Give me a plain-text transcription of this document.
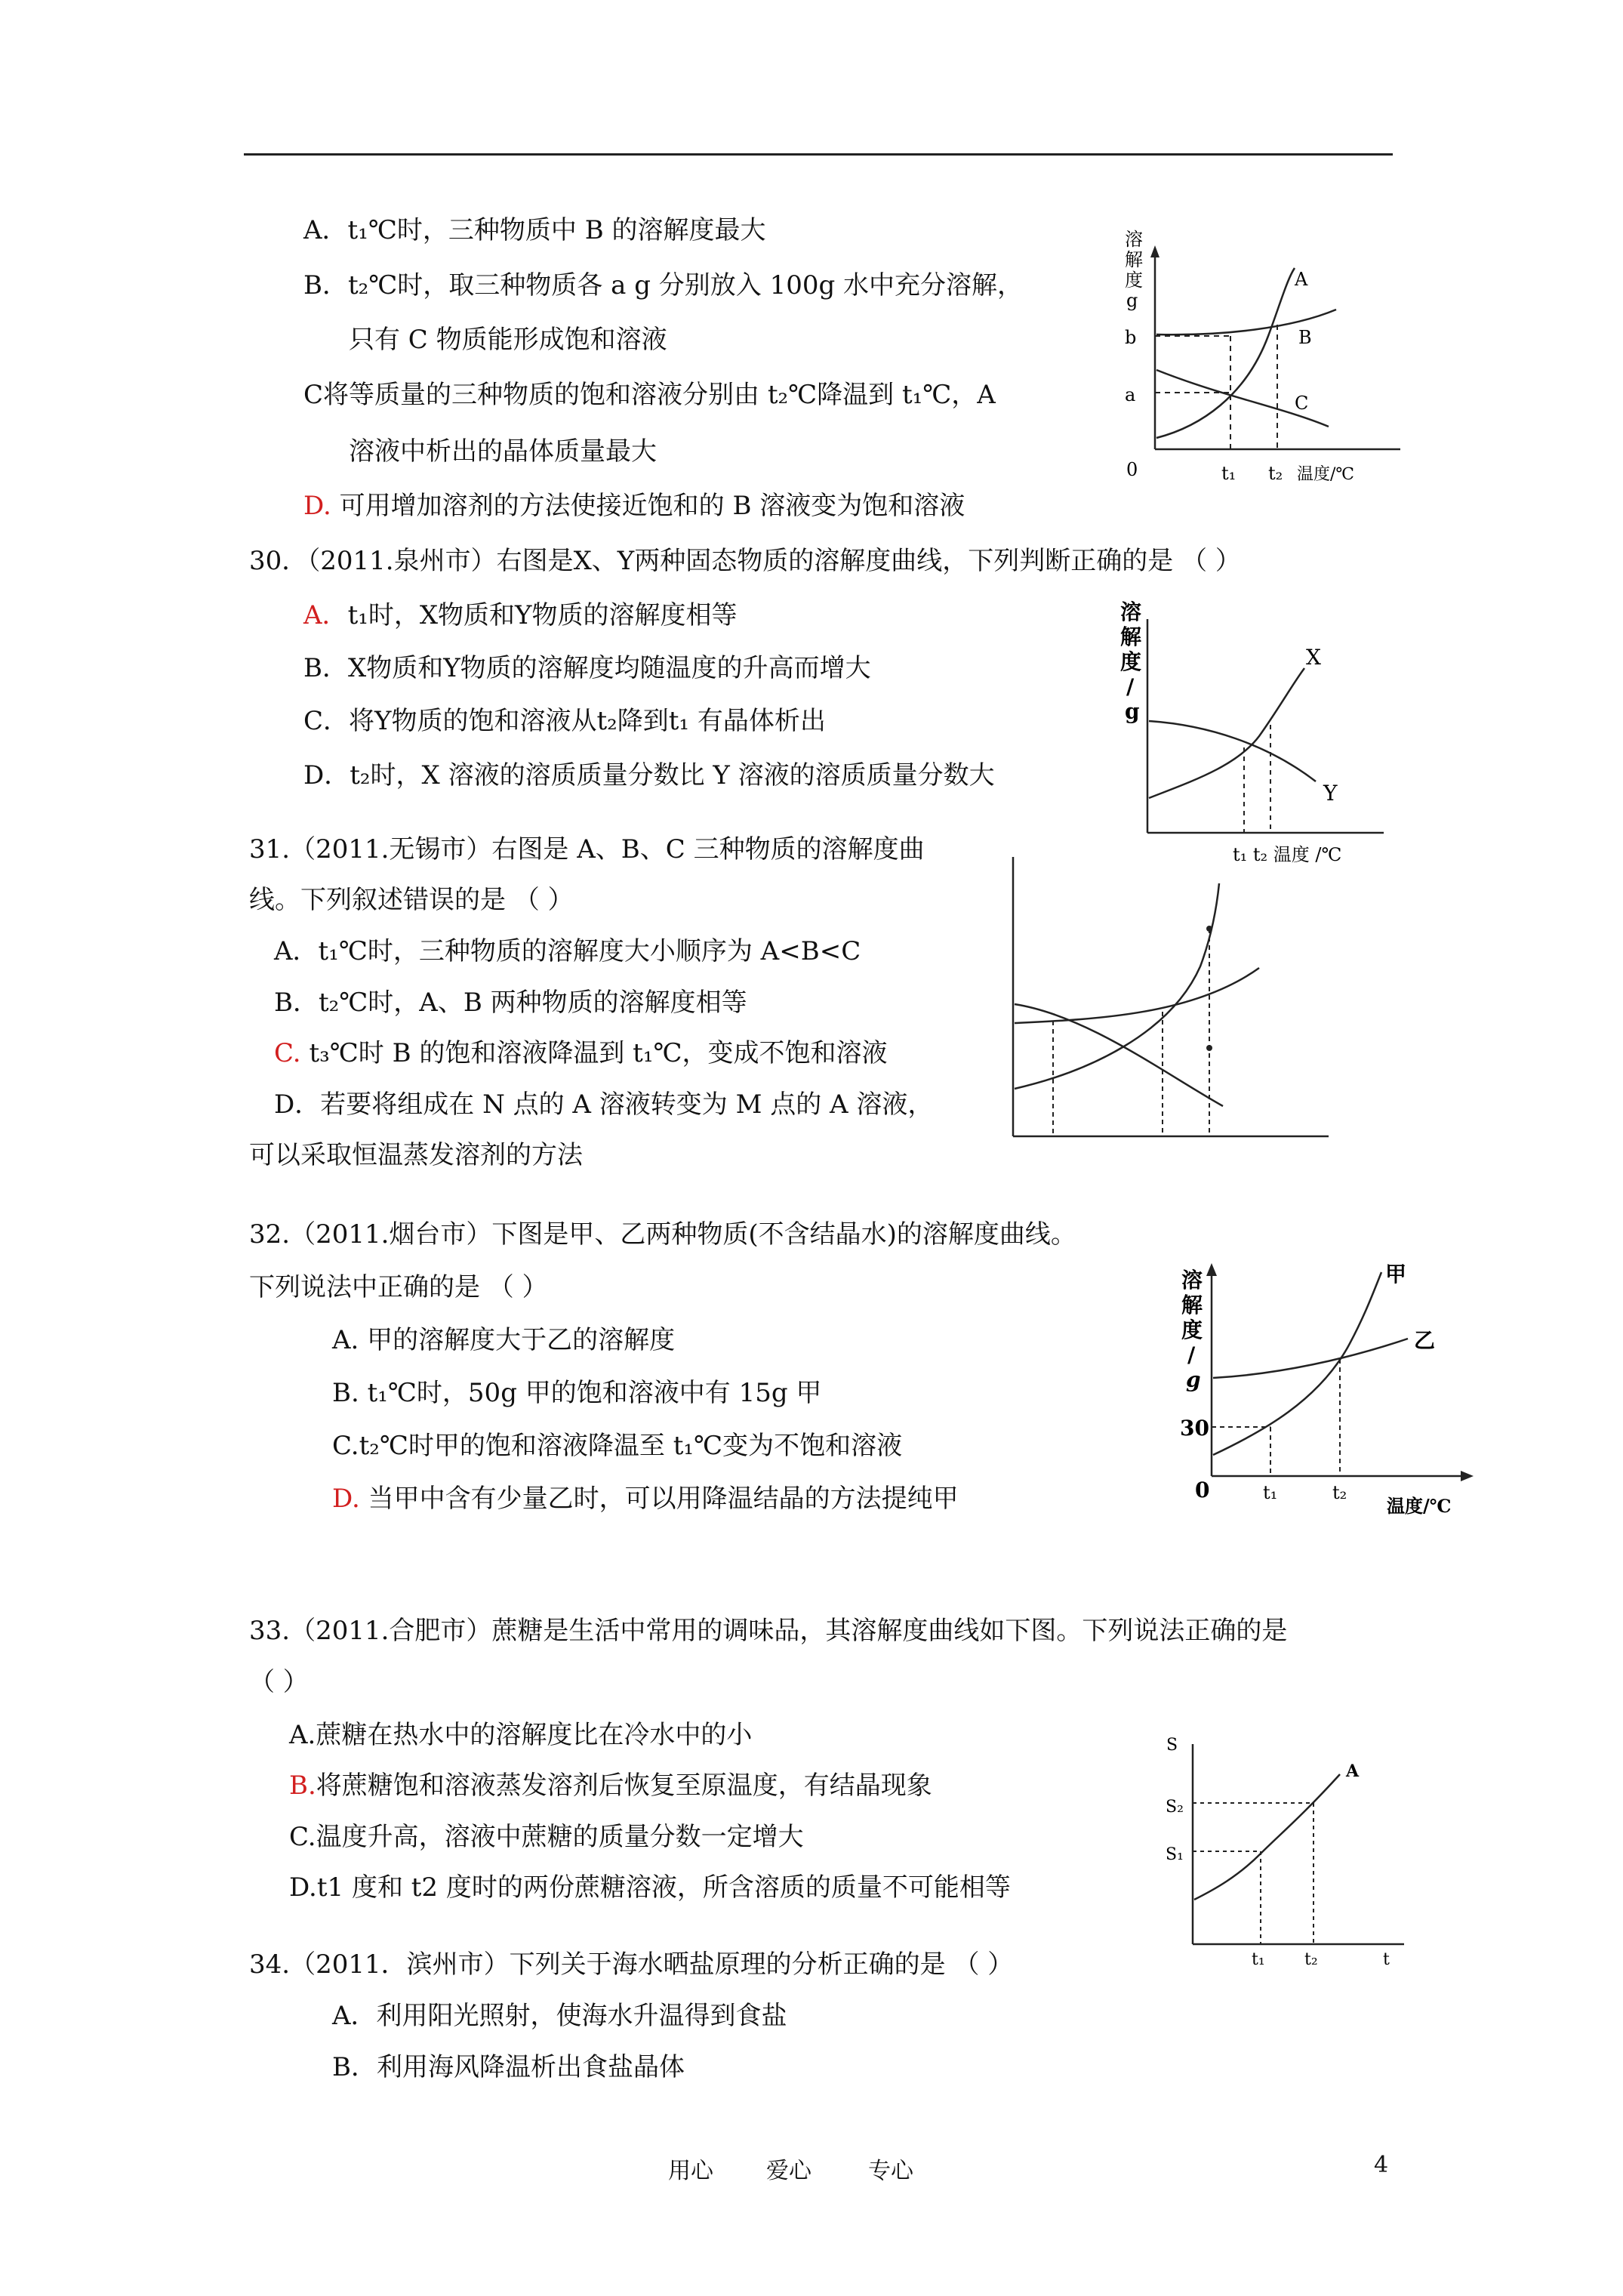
A．t₁℃时，三种物质中 B 的溶解度最大
B．t₂℃时，取三种物质各 a g 分别放入 100g 水中充分溶解，
只有 C 物质能形成饱和溶液
C将等质量的三种物质的饱和溶液分别由 t₂℃降温到 t₁℃，A
溶液中析出的晶体质量最大
D. 可用增加溶剂的方法使接近饱和的 B 溶液变为饱和溶液
溶
解
度
g
A
B
C
b
a
0	t₁ t₂ 温度/℃
30．（2011.泉州市）右图是X、Y两种固态物质的溶解度曲线，下列判断正确的是 （ ）
A．t₁时，X物质和Y物质的溶解度相等
B．X物质和Y物质的溶解度均随温度的升高而增大
C．将Y物质的饱和溶液从t₂降到t₁ 有晶体析出
D．t₂时，X 溶液的溶质质量分数比 Y 溶液的溶质质量分数大
溶
解
度
/
g
X
Y
t₁ t₂ 温度 /℃
31.（2011.无锡市）右图是 A、B、C 三种物质的溶解度曲
线。下列叙述错误的是 （ ）
A．t₁℃时，三种物质的溶解度大小顺序为 A<B<C
B．t₂℃时，A、B 两种物质的溶解度相等
C. t₃℃时 B 的饱和溶液降温到 t₁℃，变成不饱和溶液
D．若要将组成在 N 点的 A 溶液转变为 M 点的 A 溶液，
可以采取恒温蒸发溶剂的方法
32.（2011.烟台市）下图是甲、乙两种物质(不含结晶水)的溶解度曲线。
下列说法中正确的是 （ ）
A. 甲的溶解度大于乙的溶解度
B. t₁℃时，50g 甲的饱和溶液中有 15g 甲
C.t₂℃时甲的饱和溶液降温至 t₁℃变为不饱和溶液
D. 当甲中含有少量乙时，可以用降温结晶的方法提纯甲
溶
解
度
/
g
甲
乙
30
0	t₁	t₂
温度/℃
33.（2011.合肥市）蔗糖是生活中常用的调味品，其溶解度曲线如下图。下列说法正确的是
（ ）
A.蔗糖在热水中的溶解度比在冷水中的小
B.将蔗糖饱和溶液蒸发溶剂后恢复至原温度，有结晶现象
C.温度升高，溶液中蔗糖的质量分数一定增大
D.t1 度和 t2 度时的两份蔗糖溶液，所含溶质的质量不可能相等
S
S₂
S₁
A
t₁ t₂	t
34.（2011．滨州市）下列关于海水晒盐原理的分析正确的是 （ ）
A．利用阳光照射，使海水升温得到食盐
B．利用海风降温析出食盐晶体
用心 爱心	专心	4
